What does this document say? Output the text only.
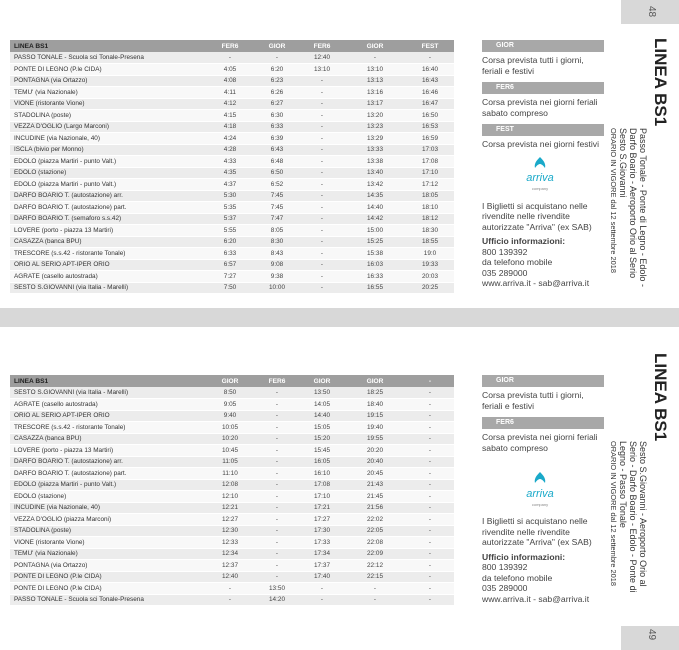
48
LINEA BS1	FER6	GIOR	FER6	GIOR	FEST
PASSO TONALE - Scuola sci Tonale-Presena	-	-	12:40	-	-
PONTE DI LEGNO (P.le CIDA)	4:05	6:20	13:10	13:10	16:40
PONTAGNA (via Ortazzo)	4:08	6:23	-	13:13	16:43
TEMU' (via Nazionale)	4:11	6:26	-	13:16	16:46
VIONE (ristorante Vione)	4:12	6:27	-	13:17	16:47
STADOLINA (poste)	4:15	6:30	-	13:20	16:50
VEZZA D'OGLIO (Largo Marconi)	4:18	6:33	-	13:23	16:53
INCUDINE (via Nazionale, 40)	4:24	6:39	-	13:29	16:59
ISCLA (bivio per Monno)	4:28	6:43	-	13:33	17:03
EDOLO (piazza Martiri - punto Valt.)	4:33	6:48	-	13:38	17:08
EDOLO (stazione)	4:35	6:50	-	13:40	17:10
EDOLO (piazza Martiri - punto Valt.)	4:37	6:52	-	13:42	17:12
DARFO BOARIO T. (autostazione) arr.	5:30	7:45	-	14:35	18:05
DARFO BOARIO T. (autostazione) part.	5:35	7:45	-	14:40	18:10
DARFO BOARIO T. (semaforo s.s.42)	5:37	7:47	-	14:42	18:12
LOVERE (porto - piazza 13 Martiri)	5:55	8:05	-	15:00	18:30
CASAZZA (banca BPU)	6:20	8:30	-	15:25	18:55
TRESCORE (s.s.42 - ristorante Tonale)	6:33	8:43	-	15:38	19:0
ORIO AL SERIO APT-IPER ORIO	6:57	9:08	-	16:03	19:33
AGRATE (casello autostrada)	7:27	9:38	-	16:33	20:03
SESTO S.GIOVANNI (via Italia - Marelli)	7:50	10:00	-	16:55	20:25
GIOR
Corsa prevista tutti i giorni, feriali e festivi
FER6
Corsa prevista nei giorni feriali sabato compreso
FEST
Corsa prevista nei giorni festivi
arriva
company
I Biglietti si acquistano nelle rivendite nelle rivendite autorizzate "Arriva" (ex SAB)
Ufficio informazioni:
800 139392
da telefono mobile
035 289000
www.arriva.it - sab@arriva.it
LINEA BS1
Passo Tonale - Ponte di Legno - Edolo -
Darfo Boario - Aeroporto Orio al Serio
Sesto S.Giovanni
ORARIO IN VIGORE dal 12 settembre 2018
49
LINEA BS1	GIOR	FER6	GIOR	GIOR	-
SESTO S.GIOVANNI (via Italia - Marelli)	8:50	-	13:50	18:25	-
AGRATE (casello autostrada)	9:05	-	14:05	18:40	-
ORIO AL SERIO APT-IPER ORIO	9:40	-	14:40	19:15	-
TRESCORE (s.s.42 - ristorante Tonale)	10:05	-	15:05	19:40	-
CASAZZA (banca BPU)	10:20	-	15:20	19:55	-
LOVERE (porto - piazza 13 Martiri)	10:45	-	15:45	20:20	-
DARFO BOARIO T. (autostazione) arr.	11:05	-	16:05	20:40	-
DARFO BOARIO T. (autostazione) part.	11:10	-	16:10	20:45	-
EDOLO (piazza Martiri - punto Valt.)	12:08	-	17:08	21:43	-
EDOLO (stazione)	12:10	-	17:10	21:45	-
INCUDINE (via Nazionale, 40)	12:21	-	17:21	21:56	-
VEZZA D'OGLIO (piazza Marconi)	12:27	-	17:27	22:02	-
STADOLINA (poste)	12:30	-	17:30	22:05	-
VIONE (ristorante Vione)	12:33	-	17:33	22:08	-
TEMU' (via Nazionale)	12:34	-	17:34	22:09	-
PONTAGNA (via Ortazzo)	12:37	-	17:37	22:12	-
PONTE DI LEGNO (P.le CIDA)	12:40	-	17:40	22:15	-
PONTE DI LEGNO (P.le CIDA)	-	13:50	-	-	-
PASSO TONALE - Scuola sci Tonale-Presena	-	14:20	-	-	-
GIOR
Corsa prevista tutti i giorni, feriali e festivi
FER6
Corsa prevista nei giorni feriali sabato compreso
arriva
company
I Biglietti si acquistano nelle rivendite nelle rivendite autorizzate "Arriva" (ex SAB)
Ufficio informazioni:
800 139392
da telefono mobile
035 289000
www.arriva.it - sab@arriva.it
LINEA BS1
Sesto S.Giovanni - Aeroporto Orio al
Serio - Darfo Boario - Edolo - Ponte di
Legno - Passo Tonale
ORARIO IN VIGORE dal 12 settembre 2018
